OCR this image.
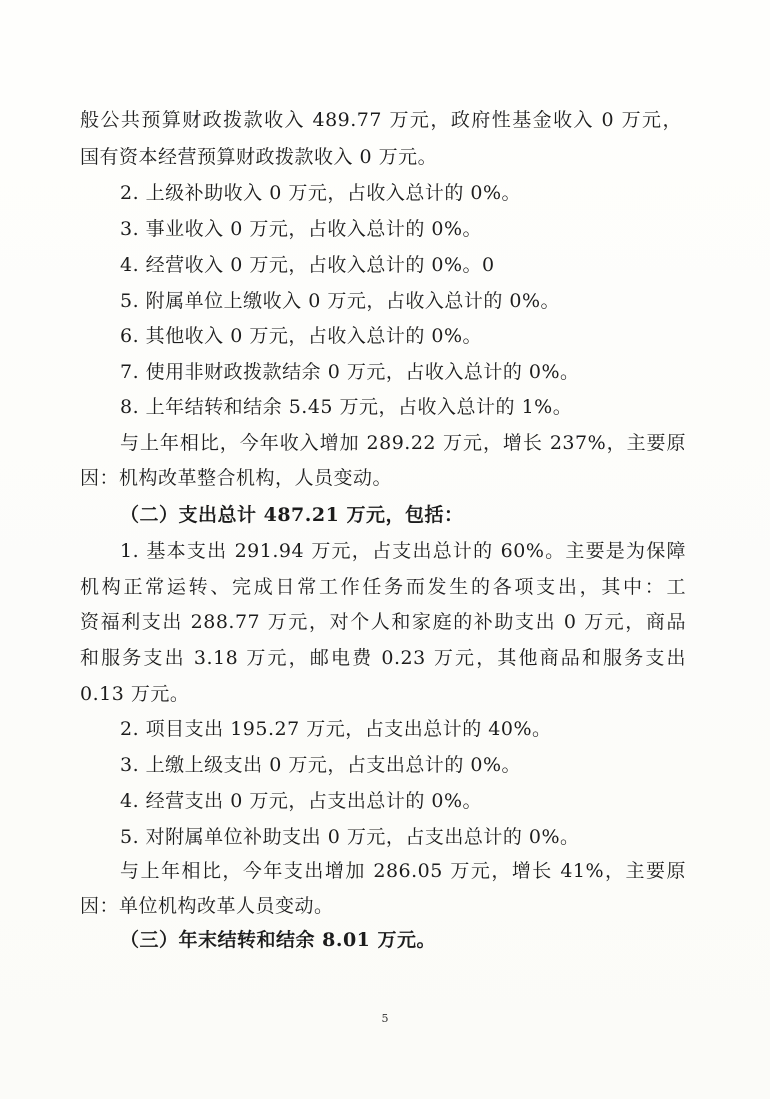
般公共预算财政拨款收入 489.77 万元，政府性基金收入 0 万元，
国有资本经营预算财政拨款收入 0 万元。
2. 上级补助收入 0 万元，占收入总计的 0%。
3. 事业收入 0 万元，占收入总计的 0%。
4. 经营收入 0 万元，占收入总计的 0%。0
5. 附属单位上缴收入 0 万元，占收入总计的 0%。
6. 其他收入 0 万元，占收入总计的 0%。
7. 使用非财政拨款结余 0 万元，占收入总计的 0%。
8. 上年结转和结余 5.45 万元，占收入总计的 1%。
与上年相比，今年收入增加 289.22 万元，增长 237%，主要原
因：机构改革整合机构，人员变动。
（二）支出总计 487.21 万元，包括：
1. 基本支出 291.94 万元，占支出总计的 60%。主要是为保障
机构正常运转、完成日常工作任务而发生的各项支出，其中：工
资福利支出 288.77 万元，对个人和家庭的补助支出 0 万元，商品
和服务支出 3.18 万元，邮电费 0.23 万元，其他商品和服务支出
0.13 万元。
2. 项目支出 195.27 万元，占支出总计的 40%。
3. 上缴上级支出 0 万元，占支出总计的 0%。
4. 经营支出 0 万元，占支出总计的 0%。
5. 对附属单位补助支出 0 万元，占支出总计的 0%。
与上年相比，今年支出增加 286.05 万元，增长 41%，主要原
因：单位机构改革人员变动。
（三）年末结转和结余 8.01 万元。
5
